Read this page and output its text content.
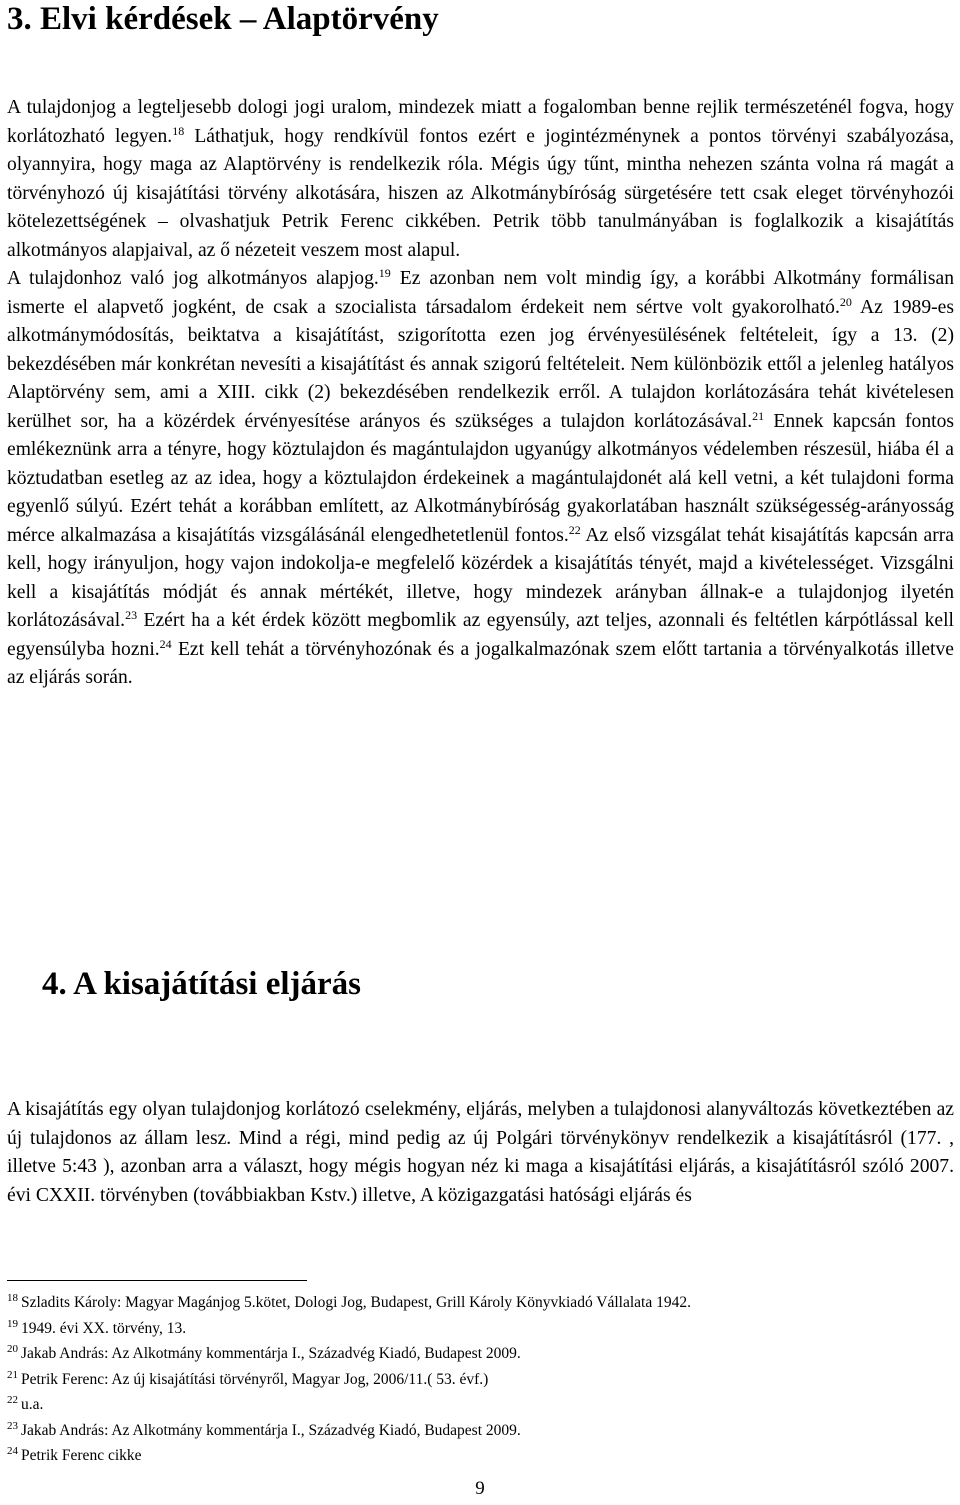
3. Elvi kérdések – Alaptörvény

A tulajdonjog a legteljesebb dologi jogi uralom, mindezek miatt a fogalomban benne rejlik természeténél fogva, hogy korlátozható legyen.$^{18}$ Láthatjuk, hogy rendkívül fontos ezért e jogintézménynek a pontos törvényi szabályozása, olyannyira, hogy maga az Alaptörvény is rendelkezik róla. Mégis úgy tűnt, mintha nehezen szánta volna rá magát a törvényhozó új kisajátítási törvény alkotására, hiszen az Alkotmánybíróság sürgetésére tett csak eleget törvényhozói kötelezettségének – olvashatjuk Petrik Ferenc cikkében. Petrik több tanulmányában is foglalkozik a kisajátítás alkotmányos alapjaival, az ő nézeteit veszem most alapul.
A tulajdonhoz való jog alkotmányos alapjog.$^{19}$ Ez azonban nem volt mindig így, a korábbi Alkotmány formálisan ismerte el alapvető jogként, de csak a szocialista társadalom érdekeit nem sértve volt gyakorolható.$^{20}$ Az 1989-es alkotmánymódosítás, beiktatva a kisajátítást, szigorította ezen jog érvényesülésének feltételeit, így a 13. (2) bekezdésében már konkrétan nevesíti a kisajátítást és annak szigorú feltételeit. Nem különbözik ettől a jelenleg hatályos Alaptörvény sem, ami a XIII. cikk (2) bekezdésében rendelkezik erről. A tulajdon korlátozására tehát kivételesen kerülhet sor, ha a közérdek érvényesítése arányos és szükséges a tulajdon korlátozásával.$^{21}$ Ennek kapcsán fontos emlékeznünk arra a tényre, hogy köztulajdon és magántulajdon ugyanúgy alkotmányos védelemben részesül, hiába él a köztudatban esetleg az az idea, hogy a köztulajdon érdekeinek a magántulajdonét alá kell vetni, a két tulajdoni forma egyenlő súlyú. Ezért tehát a korábban említett, az Alkotmánybíróság gyakorlatában használt szükségesség-arányosság mérce alkalmazása a kisajátítás vizsgálásánál elengedhetetlenül fontos.$^{22}$ Az első vizsgálat tehát kisajátítás kapcsán arra kell, hogy irányuljon, hogy vajon indokolja-e megfelelő közérdek a kisajátítás tényét, majd a kivételességet. Vizsgálni kell a kisajátítás módját és annak mértékét, illetve, hogy mindezek arányban állnak-e a tulajdonjog ilyetén korlátozásával.$^{23}$ Ezért ha a két érdek között megbomlik az egyensúly, azt teljes, azonnali és feltétlen kárpótlással kell egyensúlyba hozni.$^{24}$ Ezt kell tehát a törvényhozónak és a jogalkalmazónak szem előtt tartania a törvényalkotás illetve az eljárás során.

4. A kisajátítási eljárás

A kisajátítás egy olyan tulajdonjog korlátozó cselekmény, eljárás, melyben a tulajdonosi alanyváltozás következtében az új tulajdonos az állam lesz. Mind a régi, mind pedig az új Polgári törvénykönyv rendelkezik a kisajátításról (177. , illetve 5:43 ), azonban arra a választ, hogy mégis hogyan néz ki maga a kisajátítási eljárás, a kisajátításról szóló 2007. évi CXXII. törvényben (továbbiakban Kstv.) illetve, A közigazgatási hatósági eljárás és

$^{18}$ Szladits Károly: Magyar Magánjog 5.kötet, Dologi Jog, Budapest, Grill Károly Könyvkiadó Vállalata 1942.
$^{19}$ 1949. évi XX. törvény, 13.
$^{20}$ Jakab András: Az Alkotmány kommentárja I., Századvég Kiadó, Budapest 2009.
$^{21}$ Petrik Ferenc: Az új kisajátítási törvényről, Magyar Jog, 2006/11.( 53. évf.)
$^{22}$ u.a.
$^{23}$ Jakab András: Az Alkotmány kommentárja I., Századvég Kiadó, Budapest 2009.
$^{24}$ Petrik Ferenc cikke
9
